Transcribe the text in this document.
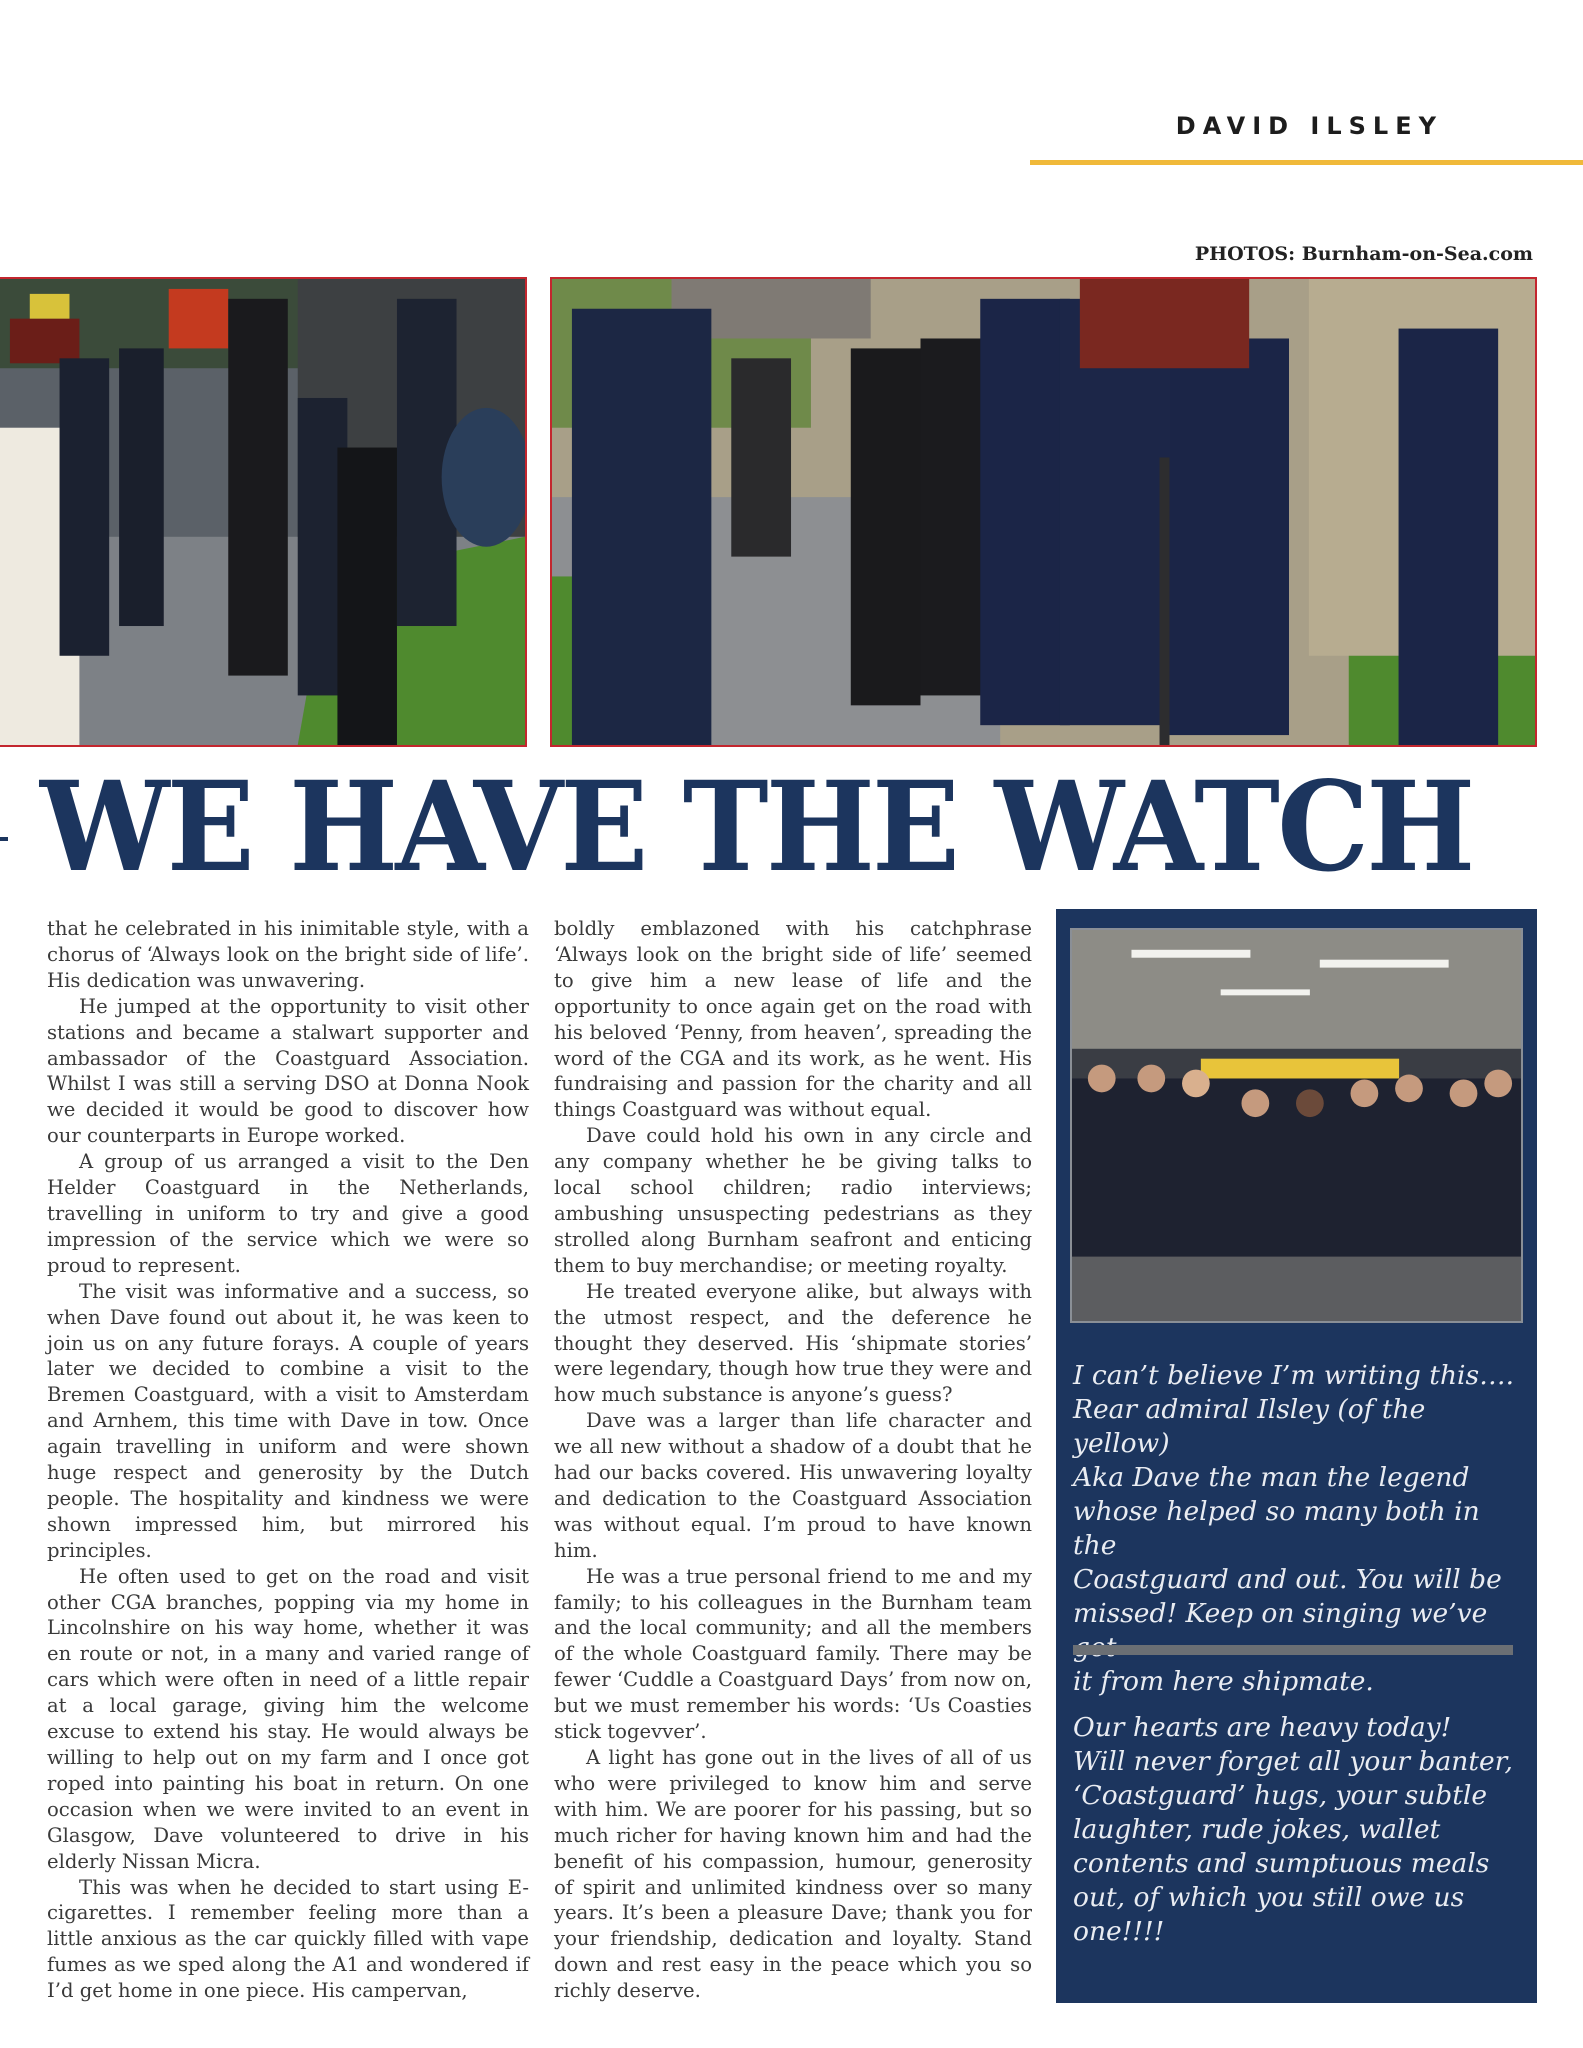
DAVID ILSLEY
PHOTOS: Burnham-on-Sea.com
WE HAVE THE WATCH

that he celebrated in his inimitable style, with a chorus of ‘Always look on the bright side of life’. His dedication was unwavering.

He jumped at the opportunity to visit other stations and became a stalwart supporter and ambassador of the Coastguard Association. Whilst I was still a serving DSO at Donna Nook we decided it would be good to discover how our counterparts in Europe worked.

A group of us arranged a visit to the Den Helder Coastguard in the Netherlands, travelling in uniform to try and give a good impression of the service which we were so proud to represent.

The visit was informative and a success, so when Dave found out about it, he was keen to join us on any future forays. A couple of years later we decided to combine a visit to the Bremen Coastguard, with a visit to Amsterdam and Arnhem, this time with Dave in tow. Once again travelling in uniform and were shown huge respect and generosity by the Dutch people. The hospitality and kindness we were shown impressed him, but mirrored his principles.

He often used to get on the road and visit other CGA branches, popping via my home in Lincolnshire on his way home, whether it was en route or not, in a many and varied range of cars which were often in need of a little repair at a local garage, giving him the welcome excuse to extend his stay. He would always be willing to help out on my farm and I once got roped into painting his boat in return. On one occasion when we were invited to an event in Glasgow, Dave volunteered to drive in his elderly Nissan Micra.

This was when he decided to start using E-cigarettes. I remember feeling more than a little anxious as the car quickly filled with vape fumes as we sped along the A1 and wondered if I’d get home in one piece. His campervan,

boldly emblazoned with his catchphrase ‘Always look on the bright side of life’ seemed to give him a new lease of life and the opportunity to once again get on the road with his beloved ‘Penny, from heaven’, spreading the word of the CGA and its work, as he went. His fundraising and passion for the charity and all things Coastguard was without equal.

Dave could hold his own in any circle and any company whether he be giving talks to local school children; radio interviews; ambushing unsuspecting pedestrians as they strolled along Burnham seafront and enticing them to buy merchandise; or meeting royalty.

He treated everyone alike, but always with the utmost respect, and the deference he thought they deserved. His ‘shipmate stories’ were legendary, though how true they were and how much substance is anyone’s guess?

Dave was a larger than life character and we all new without a shadow of a doubt that he had our backs covered. His unwavering loyalty and dedication to the Coastguard Association was without equal. I’m proud to have known him.

He was a true personal friend to me and my family; to his colleagues in the Burnham team and the local community; and all the members of the whole Coastguard family. There may be fewer ‘Cuddle a Coastguard Days’ from now on, but we must remember his words: ‘Us Coasties stick togevver’.

A light has gone out in the lives of all of us who were privileged to know him and serve with him. We are poorer for his passing, but so much richer for having known him and had the benefit of his compassion, humour, generosity of spirit and unlimited kindness over so many years. It’s been a pleasure Dave; thank you for your friendship, dedication and loyalty. Stand down and rest easy in the peace which you so richly deserve.

I can’t believe I’m writing this….
Rear admiral Ilsley (of the yellow)
Aka Dave the man the legend
whose helped so many both in the
Coastguard and out. You will be
missed! Keep on singing we’ve
it from here shipmate.
Our hearts are heavy today!
Will never forget all your banter,
‘Coastguard’ hugs, your subtle
laughter, rude jokes, wallet
contents and sumptuous meals
out, of which you still owe us
one!!!!
